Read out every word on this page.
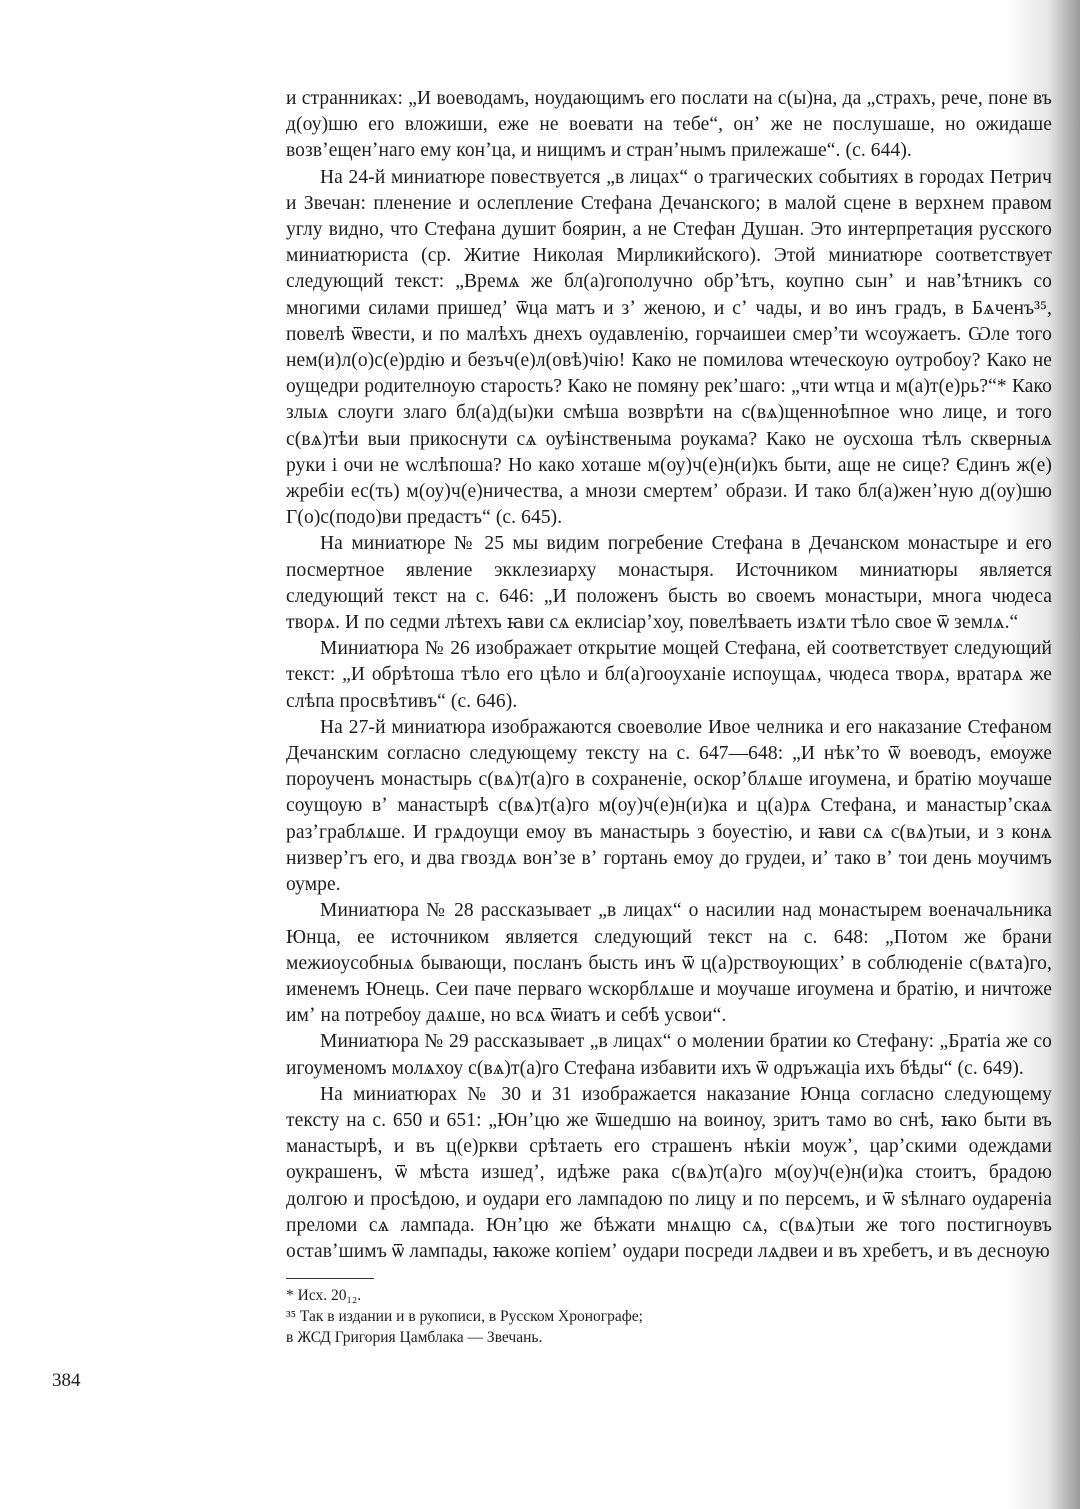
и странниках: „И воеводамъ, ноудающимъ его послати на с(ы)на, да „страхъ, рече, поне въ д(оу)шю его вложиши, еже не воевати на тебе“, онʼ же не послушаше, но ожидаше возвʼещенʼнаго ему конʼца, и нищимъ и странʼнымъ прилежаше“. (с. 644).

На 24-й миниатюре повествуется „в лицах“ о трагических событиях в городах Петрич и Звечан: пленение и ослепление Стефана Дечанского; в малой сцене в верхнем правом углу видно, что Стефана душит боярин, а не Стефан Душан. Это интерпретация русского миниатюриста (ср. Житие Николая Мирликийского). Этой миниатюре соответствует следующий текст: „Времѧ же бл(а)гополучно обрʼѣтъ, коупно сынʼ и навʼѣтникъ со многими силами пришедʼ ѿца матъ и зʼ женою, и сʼ чады, и во инъ градъ, в Бѧченъ³⁵, повелѣ ѿвести, и по малѣхъ днехъ оудавленію, горчаишеи смерʼти wсоужаетъ. Ѡле того нем(и)л(о)с(е)рдію и безъч(е)л(овѣ)чію! Како не помилова ѡтеческоую оутробоу? Како не оущедри родителноую старость? Како не помяну рекʼшаго: „чти ѡтца и м(а)т(е)рь?“* Како злыѧ слоуги злаго бл(а)д(ы)ки смѣша возврѣти на с(вѧ)щенноѣпное wно лице, и того с(вѧ)тѣи выи прикоснути сѧ оуѣінственыма роукама? Како не оусхоша тѣлъ скверныѧ руки і очи не wслѣпоша? Но како хоташе м(оу)ч(е)н(и)къ быти, аще не сице? Єдинъ ж(е) жребіи ес(ть) м(оу)ч(е)ничества, а мнози смертемʼ образи. И тако бл(а)женʼную д(оу)шю Г(о)с(подо)ви предастъ“ (с. 645).

На миниатюре № 25 мы видим погребение Стефана в Дечанском монастыре и его посмертное явление экклезиарху монастыря. Источником миниатюры является следующий текст на с. 646: „И положенъ бысть во своемъ монастыри, многа чюдеса творѧ. И по седми лѣтехъ ꙗви сѧ еклисіарʼхоу, повелѣваеть изѧти тѣло свое ѿ землѧ.“

Миниатюра № 26 изображает открытие мощей Стефана, ей соответствует следующий текст: „И обрѣтоша тѣло его цѣло и бл(а)гооуханіе испоущаѧ, чюдеса творѧ, вратарѧ же слѣпа просвѣтивъ“ (с. 646).

На 27-й миниатюра изображаются своеволие Ивое челника и его наказание Стефаном Дечанским согласно следующему тексту на с. 647—648: „И нѣкʼто ѿ воеводъ, емоуже пороученъ монастырь с(вѧ)т(а)го в сохраненіе, оскорʼблѧше игоумена, и братію моучаше соущоую вʼ манастырѣ с(вѧ)т(а)го м(оу)ч(е)н(и)ка и ц(а)рѧ Стефана, и манастырʼскаѧ разʼграблѧше. И грѧдоущи емоу въ манастырь з боуестію, и ꙗви сѧ с(вѧ)тыи, и з конѧ низверʼгъ его, и два гвоздѧ вонʼзе вʼ гортань емоу до грудеи, иʼ тако вʼ тои день моучимъ оумре.

Миниатюра № 28 рассказывает „в лицах“ о насилии над монастырем военачальника Юнца, ее источником является следующий текст на с. 648: „Потом же брани межиоусобныѧ бывающи, посланъ бысть инъ ѿ ц(а)рствоующихʼ в соблюденіе с(вѧта)го, именемъ Юнець. Сеи паче перваго wскорблѧше и моучаше игоумена и братію, и ничтоже имʼ на потребоу даѧше, но всѧ ѿиатъ и себѣ усвои“.

Миниатюра № 29 рассказывает „в лицах“ о молении братии ко Стефану: „Братіа же со игоуменомъ молѧхоу с(вѧ)т(а)го Стефана избавити ихъ ѿ одръжаціа ихъ бѣды“ (с. 649).

На миниатюрах № 30 и 31 изображается наказание Юнца согласно следующему тексту на с. 650 и 651: „Юнʼцю же ѿшедшю на воиноу, зритъ тамо во снѣ, ꙗко быти въ манастырѣ, и въ ц(е)ркви срѣтаеть его страшенъ нѣкіи моужʼ, царʼскими одеждами оукрашенъ, ѿ мѣста изшедʼ, идѣже рака с(вѧ)т(а)го м(оу)ч(е)н(и)ка стоитъ, брадою долгою и просѣдою, и оудари его лампадою по лицу и по персемъ, и ѿ ѕѣлнаго оудареніа преломи сѧ лампада. Юнʼцю же бѣжати мнѧщю сѧ, с(вѧ)тыи же того постигноувъ оставʼшимъ ѿ лампады, ꙗкоже копіемʼ оудари посреди лѧдвеи и въ хребетъ, и въ десноую

* Исх. 20₁₂.

³⁵ Так в издании и в рукописи, в Русском Хронографе; в ЖСД Григория Цамблака — Звечань.

384
